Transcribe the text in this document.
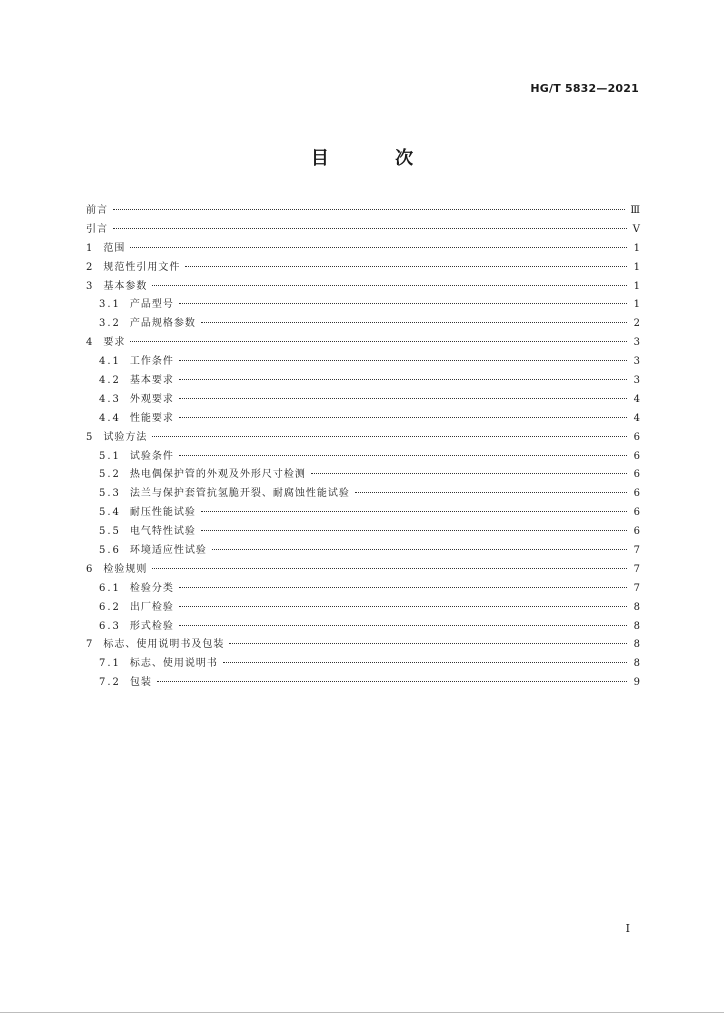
HG/T 5832—2021
目 次
前言	Ⅲ
引言	Ⅴ
1 范围	1
2 规范性引用文件	1
3 基本参数	1
3.1 产品型号	1
3.2 产品规格参数	2
4 要求	3
4.1 工作条件	3
4.2 基本要求	3
4.3 外观要求	4
4.4 性能要求	4
5 试验方法	6
5.1 试验条件	6
5.2 热电偶保护管的外观及外形尺寸检测	6
5.3 法兰与保护套管抗氢脆开裂、耐腐蚀性能试验	6
5.4 耐压性能试验	6
5.5 电气特性试验	6
5.6 环境适应性试验	7
6 检验规则	7
6.1 检验分类	7
6.2 出厂检验	8
6.3 形式检验	8
7 标志、使用说明书及包装	8
7.1 标志、使用说明书	8
7.2 包装	9
I
